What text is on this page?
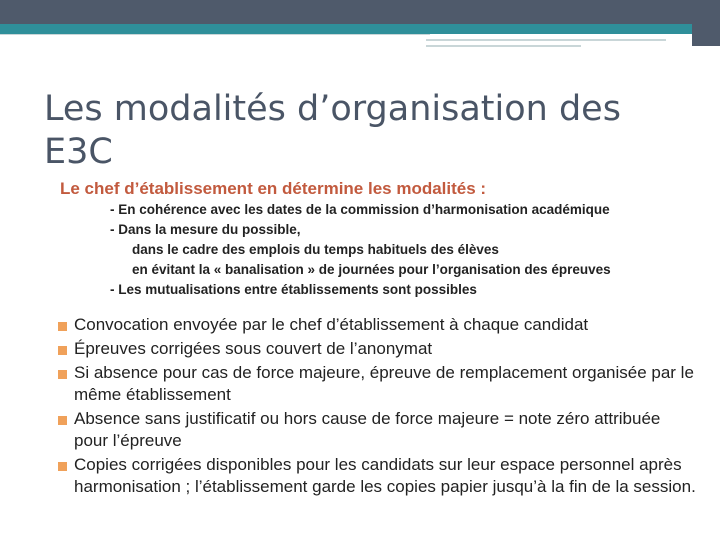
Les modalités d’organisation des E3C
Le chef d’établissement en détermine les modalités :
- En cohérence avec les dates de la commission d’harmonisation académique
- Dans la mesure du possible,
dans le cadre des emplois du temps habituels des élèves
en évitant la « banalisation » de journées pour l’organisation des épreuves
- Les mutualisations entre établissements sont possibles
Convocation envoyée par le chef d’établissement à chaque candidat
Épreuves corrigées sous couvert de l’anonymat
Si absence pour cas de force majeure, épreuve de remplacement organisée par le même établissement
Absence sans justificatif ou hors cause de force majeure = note zéro attribuée pour l’épreuve
Copies corrigées disponibles pour les candidats sur leur espace personnel après harmonisation ; l’établissement garde les copies papier jusqu’à la fin de la session.
